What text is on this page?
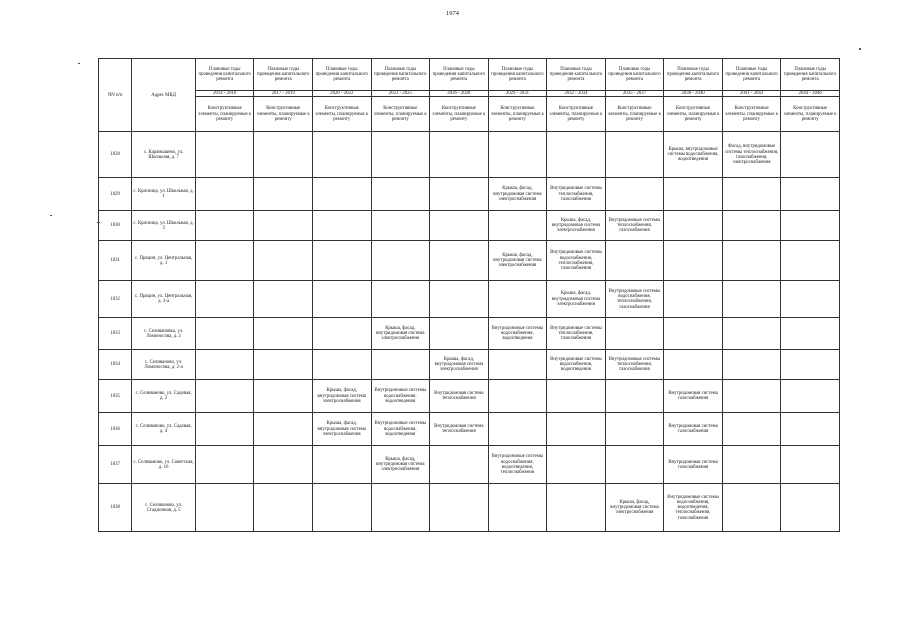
1974
NN п/п	Адрес МКД	Плановые годы проведения капитального ремонта	Плановые годы проведения капитального ремонта	Плановые годы проведения капитального ремонта	Плановые годы проведения капитального ремонта	Плановые годы проведения капитального ремонта	Плановые годы проведения капитального ремонта	Плановые годы проведения капитального ремонта	Плановые годы проведения капитального ремонта	Плановые годы проведения капитального ремонта	Плановые годы проведения капитального ремонта	Плановые годы проведения капитального ремонта
		2014 - 2016	2017 - 2019	2020 - 2022	2023 - 2025	2026 - 2028	2029 - 2031	2032 - 2034	2035 - 2037	2038 - 2040	2041 - 2043	2044 - 2046
		Конструктивные элементы, планируемые к ремонту	Конструктивные элементы, планируемые к ремонту	Конструктивные элементы, планируемые к ремонту	Конструктивные элементы, планируемые к ремонту	Конструктивные элементы, планируемые к ремонту	Конструктивные элементы, планируемые к ремонту	Конструктивные элементы, планируемые к ремонту	Конструктивные элементы, планируемые к ремонту	Конструктивные элементы, планируемые к ремонту	Конструктивные элементы, планируемые к ремонту	Конструктивные элементы, планируемые к ремонту
1028	с. Карамышево, ул. Школьная, д. 7									Крыша, внутридомовые системы водоснабжения, водоотведения	Фасад, внутридомовые системы теплоснабжения, газоснабжения, электроснабжения	
1029	с. Красница, ул. Школьная, д. 1						Крыша, фасад, внутридомовая система электроснабжения	Внутридомовые системы теплоснабжения, газоснабжения				
1030	с. Красница, ул. Школьная, д. 3							Крыша, фасад, внутридомовая система электроснабжения	Внутридомовые системы теплоснабжения, газоснабжения			
1031	с. Працин, ул. Центральная, д. 1						Крыша, фасад, внутридомовая система электроснабжения	Внутридомовые системы водоснабжения, теплоснабжения, газоснабжения				
1032	с. Працин, ул. Центральная, д. 3-а							Крыша, фасад, внутридомовая система электроснабжения	Внутридомовые системы водоснабжения, теплоснабжения, газоснабжения			
1033	с. Селивановка, ул. Ломоносова, д. 2				Крыша, фасад, внутридомовая система электроснабжения		Внутридомовые системы водоснабжения, водоотведения	Внутридомовые системы теплоснабжения, газоснабжения				
1034	с. Селиваново, ул. Ломоносова, д. 2-а					Крыша, фасад, внутридомовая система электроснабжения		Внутридомовые системы водоснабжения, водоотведения	Внутридомовые системы теплоснабжения, газоснабжения			
1035	с. Селиваново, ул. Садовая, д. 2			Крыша, фасад, внутридомовая система электроснабжения	Внутридомовые системы водоснабжения, водоотведения	Внутридомовая система теплоснабжения				Внутридомовая система газоснабжения		
1036	с. Селиваново, ул. Садовая, д. 4			Крыша, фасад, внутридомовая система электроснабжения	Внутридомовые системы водоснабжения, водоотведения	Внутридомовая система теплоснабжения				Внутридомовая система газоснабжения		
1037	с. Селиваново, ул. Советская, д. 16				Крыша, фасад, внутридомовая система электроснабжения		Внутридомовые системы водоснабжения, водоотведения, теплоснабжения			Внутридомовая система газоснабжения		
1038	с. Селиваново, ул. Стадионная, д. 5								Крыша, фасад, внутридомовая система электроснабжения	Внутридомовые системы водоснабжения, водоотведения, теплоснабжения, газоснабжения		
